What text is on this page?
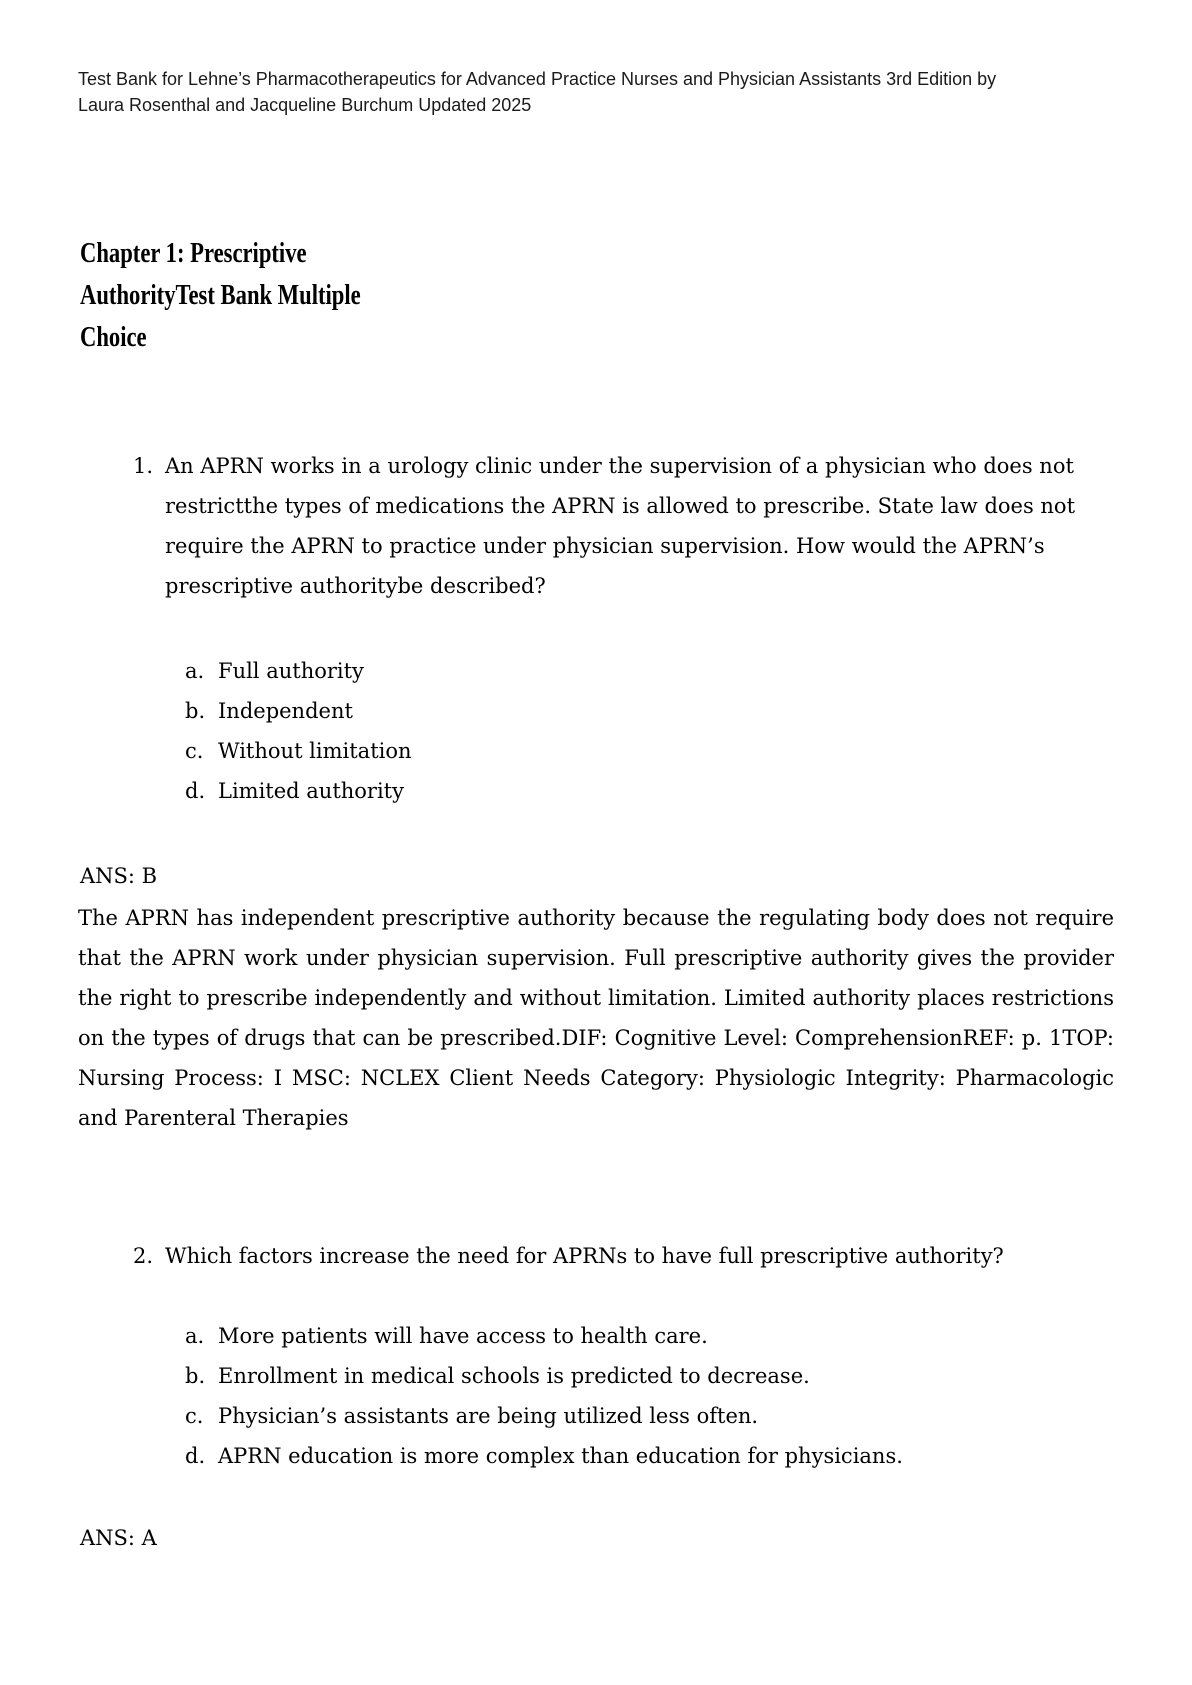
Test Bank for Lehne’s Pharmacotherapeutics for Advanced Practice Nurses and Physician Assistants 3rd Edition by
Laura Rosenthal and Jacqueline Burchum Updated 2025
Chapter 1: Prescriptive
AuthorityTest Bank Multiple
Choice
1. An APRN works in a urology clinic under the supervision of a physician who does not restrictthe types of medications the APRN is allowed to prescribe. State law does not require the APRN to practice under physician supervision. How would the APRN’s prescriptive authoritybe described?
a. Full authority
b. Independent
c. Without limitation
d. Limited authority
ANS: B
The APRN has independent prescriptive authority because the regulating body does not require that the APRN work under physician supervision. Full prescriptive authority gives the provider the right to prescribe independently and without limitation. Limited authority places restrictions on the types of drugs that can be prescribed.DIF: Cognitive Level: ComprehensionREF: p. 1TOP: Nursing Process: I MSC: NCLEX Client Needs Category: Physiologic Integrity: Pharmacologic and Parenteral Therapies
2. Which factors increase the need for APRNs to have full prescriptive authority?
a. More patients will have access to health care.
b. Enrollment in medical schools is predicted to decrease.
c. Physician’s assistants are being utilized less often.
d. APRN education is more complex than education for physicians.
ANS: A
